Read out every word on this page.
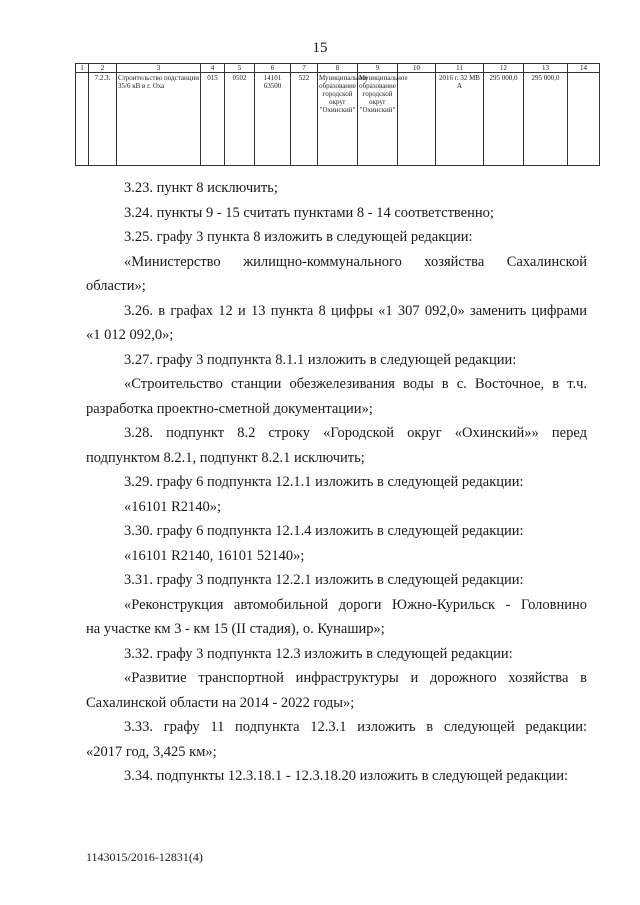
15
1	2	3	4	5	6	7	8	9	10	11	12	13	14
	7.2.3.	Строительство подстанции 35/6 кВ в г. Оха	015	0502	14101 63500	522	Муниципальное образование городской округ "Охинский"	Муниципальное образование городской округ "Охинский"		2016 г. 32 МВ А	295 000,0	295 000,0	

3.23. пункт 8 исключить;

3.24. пункты 9 - 15 считать пунктами 8 - 14 соответственно;

3.25. графу 3 пункта 8 изложить в следующей редакции:

«Министерство жилищно-коммунального хозяйства Сахалинской

области»;

3.26. в графах 12 и 13 пункта 8 цифры «1 307 092,0» заменить цифрами

«1 012 092,0»;

3.27. графу 3 подпункта 8.1.1 изложить в следующей редакции:

«Строительство станции обезжелезивания воды в с. Восточное, в т.ч.

разработка проектно-сметной документации»;

3.28. подпункт 8.2 строку «Городской округ «Охинский»» перед

подпунктом 8.2.1, подпункт 8.2.1 исключить;

3.29. графу 6 подпункта 12.1.1 изложить в следующей редакции:

«16101 R2140»;

3.30. графу 6 подпункта 12.1.4 изложить в следующей редакции:

«16101 R2140, 16101 52140»;

3.31. графу 3 подпункта 12.2.1 изложить в следующей редакции:

«Реконструкция автомобильной дороги Южно-Курильск - Головнино

на участке км 3 - км 15 (II стадия), о. Кунашир»;

3.32. графу 3 подпункта 12.3 изложить в следующей редакции:

«Развитие транспортной инфраструктуры и дорожного хозяйства в

Сахалинской области на 2014 - 2022 годы»;

3.33. графу 11 подпункта 12.3.1 изложить в следующей редакции:

«2017 год, 3,425 км»;

3.34. подпункты 12.3.18.1 - 12.3.18.20 изложить в следующей редакции:

1143015/2016-12831(4)
